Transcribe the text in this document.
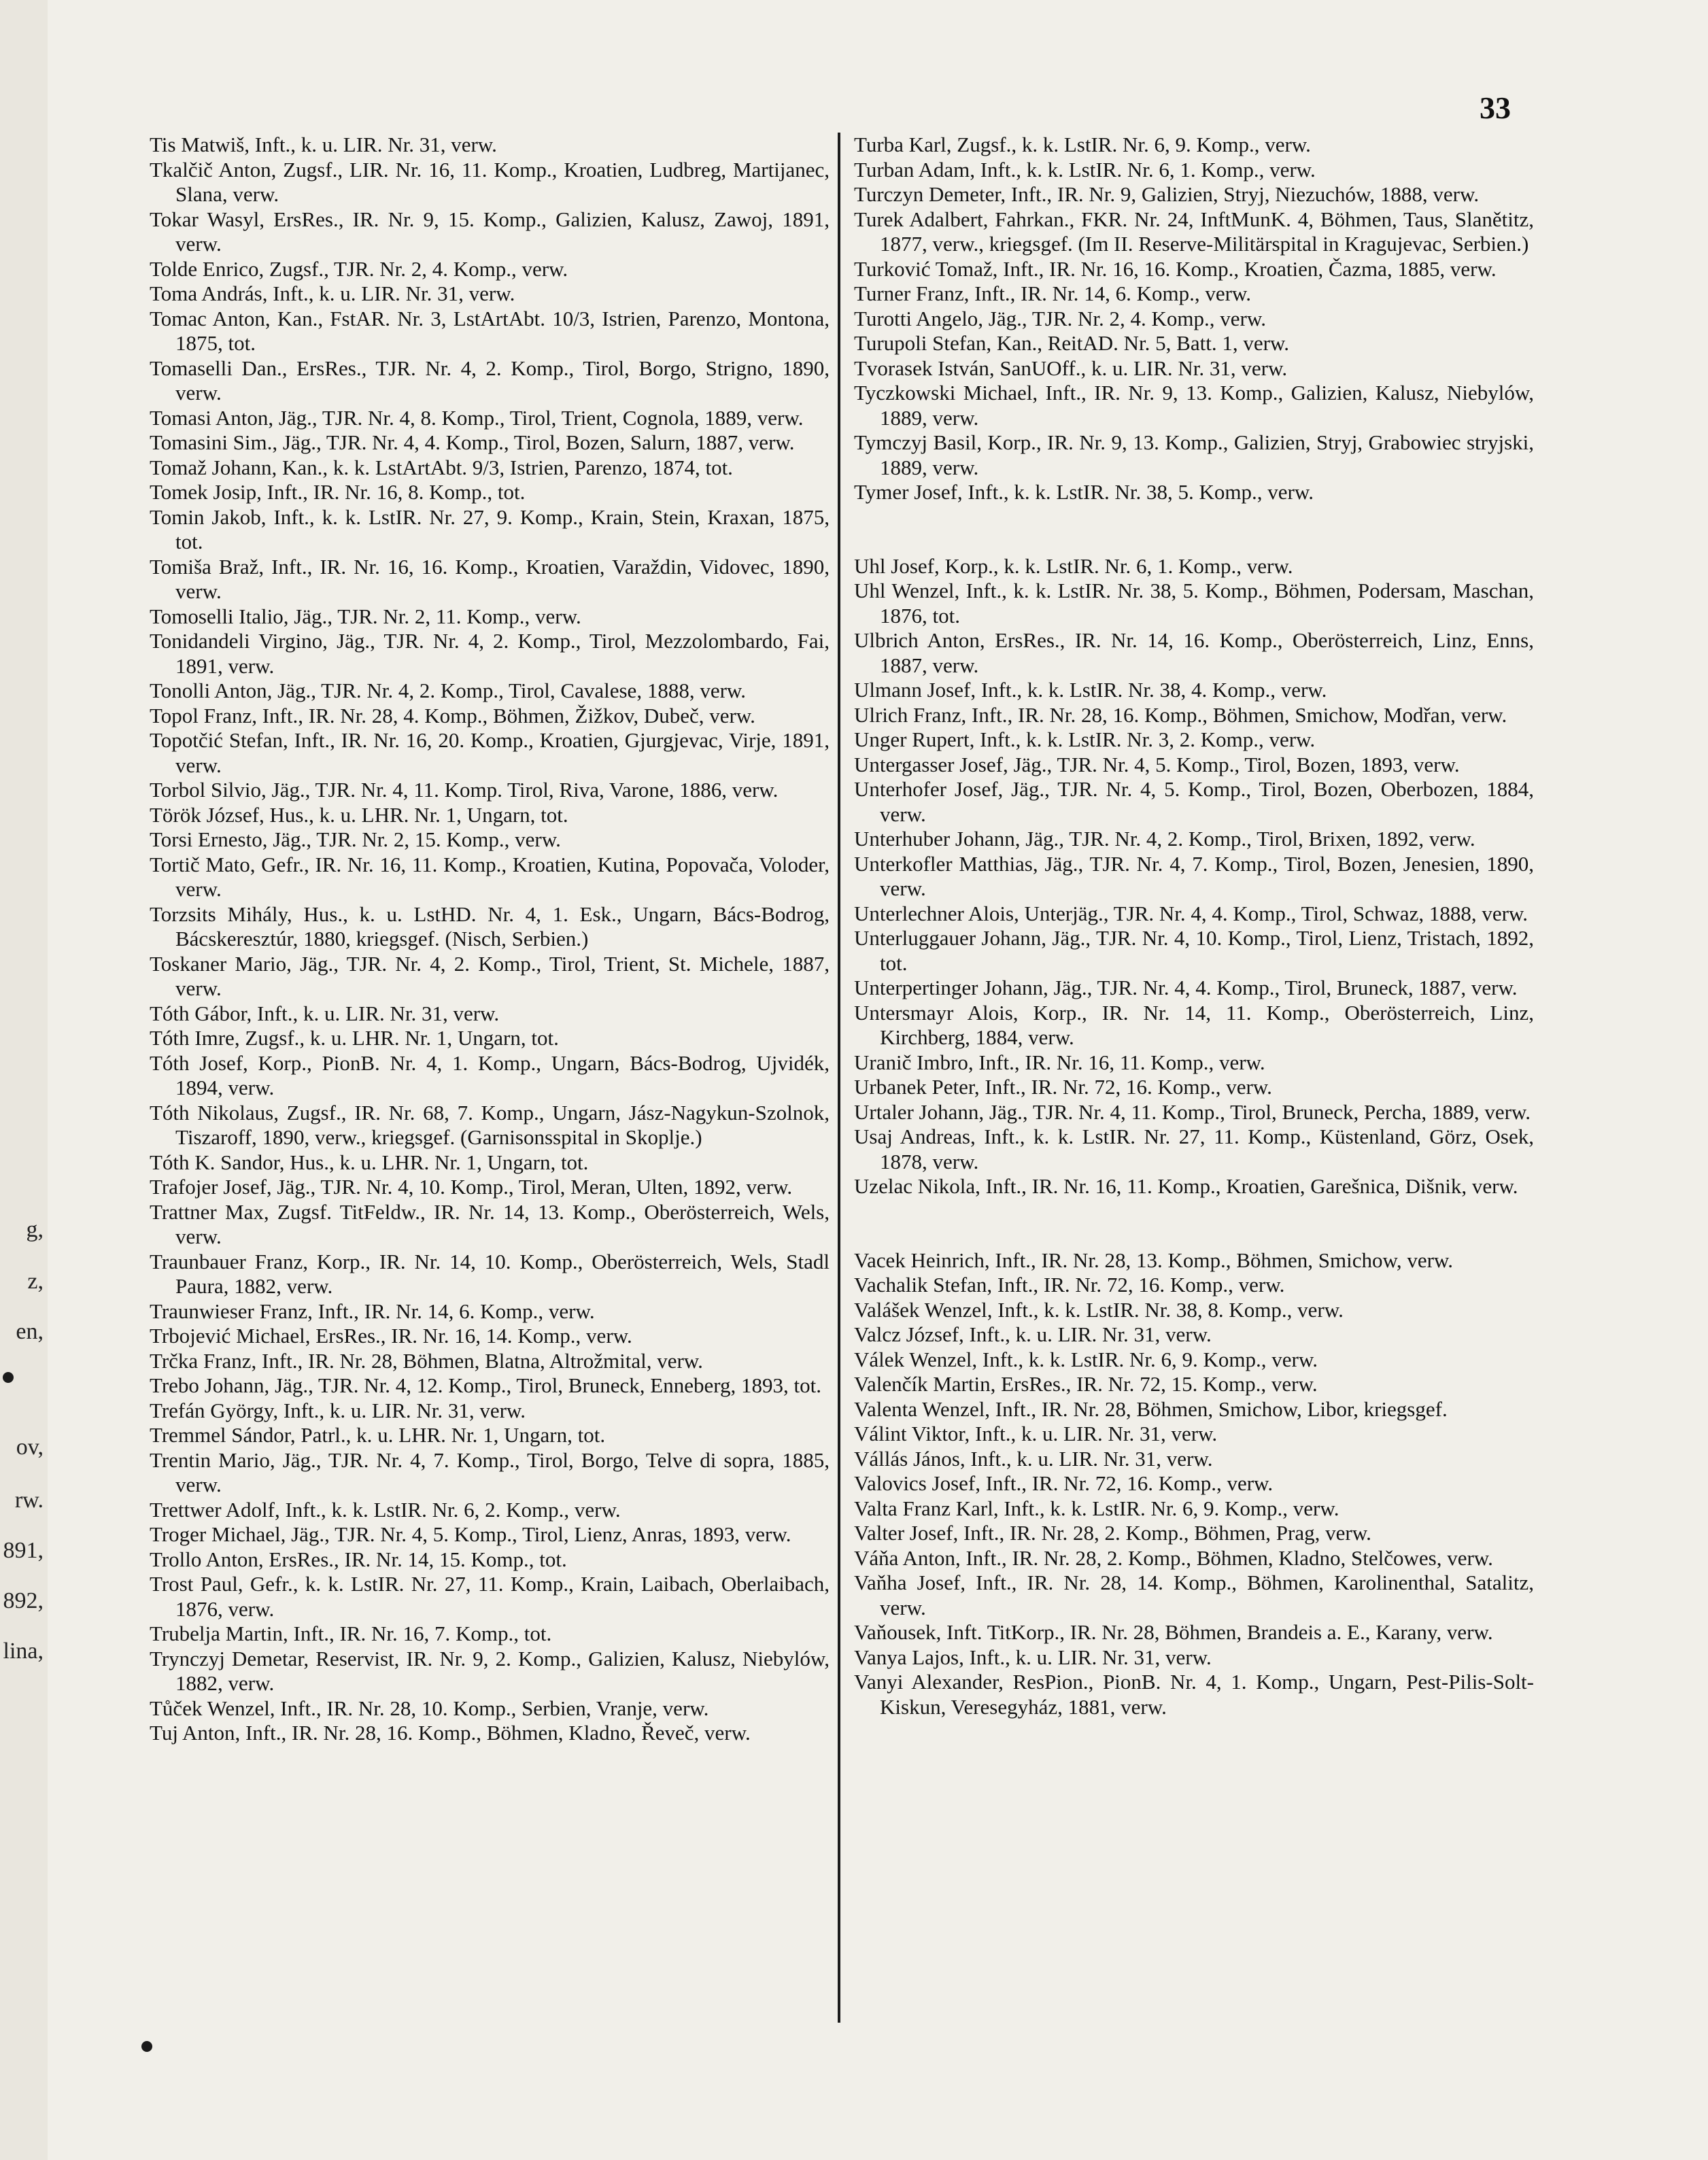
g,
z,
en,
ov,
rw.
891,
892,
lina,
33

Tis Matwiš, Inft., k. u. LIR. Nr. 31, verw.

Tkalčič Anton, Zugsf., LIR. Nr. 16, 11. Komp., Kroatien, Ludbreg, Martijanec, Slana, verw.

Tokar Wasyl, ErsRes., IR. Nr. 9, 15. Komp., Galizien, Kalusz, Zawoj, 1891, verw.

Tolde Enrico, Zugsf., TJR. Nr. 2, 4. Komp., verw.

Toma András, Inft., k. u. LIR. Nr. 31, verw.

Tomac Anton, Kan., FstAR. Nr. 3, LstArtAbt. 10/3, Istrien, Parenzo, Montona, 1875, tot.

Tomaselli Dan., ErsRes., TJR. Nr. 4, 2. Komp., Tirol, Borgo, Strigno, 1890, verw.

Tomasi Anton, Jäg., TJR. Nr. 4, 8. Komp., Tirol, Trient, Cognola, 1889, verw.

Tomasini Sim., Jäg., TJR. Nr. 4, 4. Komp., Tirol, Bozen, Salurn, 1887, verw.

Tomaž Johann, Kan., k. k. LstArtAbt. 9/3, Istrien, Parenzo, 1874, tot.

Tomek Josip, Inft., IR. Nr. 16, 8. Komp., tot.

Tomin Jakob, Inft., k. k. LstIR. Nr. 27, 9. Komp., Krain, Stein, Kraxan, 1875, tot.

Tomiša Braž, Inft., IR. Nr. 16, 16. Komp., Kroatien, Varaždin, Vidovec, 1890, verw.

Tomoselli Italio, Jäg., TJR. Nr. 2, 11. Komp., verw.

Tonidandeli Virgino, Jäg., TJR. Nr. 4, 2. Komp., Tirol, Mezzolombardo, Fai, 1891, verw.

Tonolli Anton, Jäg., TJR. Nr. 4, 2. Komp., Tirol, Cavalese, 1888, verw.

Topol Franz, Inft., IR. Nr. 28, 4. Komp., Böhmen, Žižkov, Dubeč, verw.

Topotčić Stefan, Inft., IR. Nr. 16, 20. Komp., Kroatien, Gjurgjevac, Virje, 1891, verw.

Torbol Silvio, Jäg., TJR. Nr. 4, 11. Komp. Tirol, Riva, Varone, 1886, verw.

Török József, Hus., k. u. LHR. Nr. 1, Ungarn, tot.

Torsi Ernesto, Jäg., TJR. Nr. 2, 15. Komp., verw.

Tortič Mato, Gefr., IR. Nr. 16, 11. Komp., Kroatien, Kutina, Popovača, Voloder, verw.

Torzsits Mihály, Hus., k. u. LstHD. Nr. 4, 1. Esk., Ungarn, Bács-Bodrog, Bácskeresztúr, 1880, kriegsgef. (Nisch, Serbien.)

Toskaner Mario, Jäg., TJR. Nr. 4, 2. Komp., Tirol, Trient, St. Michele, 1887, verw.

Tóth Gábor, Inft., k. u. LIR. Nr. 31, verw.

Tóth Imre, Zugsf., k. u. LHR. Nr. 1, Ungarn, tot.

Tóth Josef, Korp., PionB. Nr. 4, 1. Komp., Ungarn, Bács-Bodrog, Ujvidék, 1894, verw.

Tóth Nikolaus, Zugsf., IR. Nr. 68, 7. Komp., Ungarn, Jász-Nagykun-Szolnok, Tiszaroff, 1890, verw., kriegsgef. (Garnisonsspital in Skoplje.)

Tóth K. Sandor, Hus., k. u. LHR. Nr. 1, Ungarn, tot.

Trafojer Josef, Jäg., TJR. Nr. 4, 10. Komp., Tirol, Meran, Ulten, 1892, verw.

Trattner Max, Zugsf. TitFeldw., IR. Nr. 14, 13. Komp., Oberösterreich, Wels, verw.

Traunbauer Franz, Korp., IR. Nr. 14, 10. Komp., Oberösterreich, Wels, Stadl Paura, 1882, verw.

Traunwieser Franz, Inft., IR. Nr. 14, 6. Komp., verw.

Trbojević Michael, ErsRes., IR. Nr. 16, 14. Komp., verw.

Trčka Franz, Inft., IR. Nr. 28, Böhmen, Blatna, Altrožmital, verw.

Trebo Johann, Jäg., TJR. Nr. 4, 12. Komp., Tirol, Bruneck, Enneberg, 1893, tot.

Trefán György, Inft., k. u. LIR. Nr. 31, verw.

Tremmel Sándor, Patrl., k. u. LHR. Nr. 1, Ungarn, tot.

Trentin Mario, Jäg., TJR. Nr. 4, 7. Komp., Tirol, Borgo, Telve di sopra, 1885, verw.

Trettwer Adolf, Inft., k. k. LstIR. Nr. 6, 2. Komp., verw.

Troger Michael, Jäg., TJR. Nr. 4, 5. Komp., Tirol, Lienz, Anras, 1893, verw.

Trollo Anton, ErsRes., IR. Nr. 14, 15. Komp., tot.

Trost Paul, Gefr., k. k. LstIR. Nr. 27, 11. Komp., Krain, Laibach, Oberlaibach, 1876, verw.

Trubelja Martin, Inft., IR. Nr. 16, 7. Komp., tot.

Trynczyj Demetar, Reservist, IR. Nr. 9, 2. Komp., Galizien, Kalusz, Niebylów, 1882, verw.

Tůček Wenzel, Inft., IR. Nr. 28, 10. Komp., Serbien, Vranje, verw.

Tuj Anton, Inft., IR. Nr. 28, 16. Komp., Böhmen, Kladno, Řeveč, verw.

Turba Karl, Zugsf., k. k. LstIR. Nr. 6, 9. Komp., verw.

Turban Adam, Inft., k. k. LstIR. Nr. 6, 1. Komp., verw.

Turczyn Demeter, Inft., IR. Nr. 9, Galizien, Stryj, Niezuchów, 1888, verw.

Turek Adalbert, Fahrkan., FKR. Nr. 24, InftMunK. 4, Böhmen, Taus, Slanětitz, 1877, verw., kriegsgef. (Im II. Reserve-Militärspital in Kragujevac, Serbien.)

Turković Tomaž, Inft., IR. Nr. 16, 16. Komp., Kroatien, Čazma, 1885, verw.

Turner Franz, Inft., IR. Nr. 14, 6. Komp., verw.

Turotti Angelo, Jäg., TJR. Nr. 2, 4. Komp., verw.

Turupoli Stefan, Kan., ReitAD. Nr. 5, Batt. 1, verw.

Tvorasek István, SanUOff., k. u. LIR. Nr. 31, verw.

Tyczkowski Michael, Inft., IR. Nr. 9, 13. Komp., Galizien, Kalusz, Niebylów, 1889, verw.

Tymczyj Basil, Korp., IR. Nr. 9, 13. Komp., Galizien, Stryj, Grabowiec stryjski, 1889, verw.

Tymer Josef, Inft., k. k. LstIR. Nr. 38, 5. Komp., verw.

Uhl Josef, Korp., k. k. LstIR. Nr. 6, 1. Komp., verw.

Uhl Wenzel, Inft., k. k. LstIR. Nr. 38, 5. Komp., Böhmen, Podersam, Maschan, 1876, tot.

Ulbrich Anton, ErsRes., IR. Nr. 14, 16. Komp., Oberösterreich, Linz, Enns, 1887, verw.

Ulmann Josef, Inft., k. k. LstIR. Nr. 38, 4. Komp., verw.

Ulrich Franz, Inft., IR. Nr. 28, 16. Komp., Böhmen, Smichow, Modřan, verw.

Unger Rupert, Inft., k. k. LstIR. Nr. 3, 2. Komp., verw.

Untergasser Josef, Jäg., TJR. Nr. 4, 5. Komp., Tirol, Bozen, 1893, verw.

Unterhofer Josef, Jäg., TJR. Nr. 4, 5. Komp., Tirol, Bozen, Oberbozen, 1884, verw.

Unterhuber Johann, Jäg., TJR. Nr. 4, 2. Komp., Tirol, Brixen, 1892, verw.

Unterkofler Matthias, Jäg., TJR. Nr. 4, 7. Komp., Tirol, Bozen, Jenesien, 1890, verw.

Unterlechner Alois, Unterjäg., TJR. Nr. 4, 4. Komp., Tirol, Schwaz, 1888, verw.

Unterluggauer Johann, Jäg., TJR. Nr. 4, 10. Komp., Tirol, Lienz, Tristach, 1892, tot.

Unterpertinger Johann, Jäg., TJR. Nr. 4, 4. Komp., Tirol, Bruneck, 1887, verw.

Untersmayr Alois, Korp., IR. Nr. 14, 11. Komp., Oberösterreich, Linz, Kirchberg, 1884, verw.

Uranič Imbro, Inft., IR. Nr. 16, 11. Komp., verw.

Urbanek Peter, Inft., IR. Nr. 72, 16. Komp., verw.

Urtaler Johann, Jäg., TJR. Nr. 4, 11. Komp., Tirol, Bruneck, Percha, 1889, verw.

Usaj Andreas, Inft., k. k. LstIR. Nr. 27, 11. Komp., Küstenland, Görz, Osek, 1878, verw.

Uzelac Nikola, Inft., IR. Nr. 16, 11. Komp., Kroatien, Garešnica, Dišnik, verw.

Vacek Heinrich, Inft., IR. Nr. 28, 13. Komp., Böhmen, Smichow, verw.

Vachalik Stefan, Inft., IR. Nr. 72, 16. Komp., verw.

Valášek Wenzel, Inft., k. k. LstIR. Nr. 38, 8. Komp., verw.

Valcz József, Inft., k. u. LIR. Nr. 31, verw.

Válek Wenzel, Inft., k. k. LstIR. Nr. 6, 9. Komp., verw.

Valenčík Martin, ErsRes., IR. Nr. 72, 15. Komp., verw.

Valenta Wenzel, Inft., IR. Nr. 28, Böhmen, Smichow, Libor, kriegsgef.

Válint Viktor, Inft., k. u. LIR. Nr. 31, verw.

Vállás János, Inft., k. u. LIR. Nr. 31, verw.

Valovics Josef, Inft., IR. Nr. 72, 16. Komp., verw.

Valta Franz Karl, Inft., k. k. LstIR. Nr. 6, 9. Komp., verw.

Valter Josef, Inft., IR. Nr. 28, 2. Komp., Böhmen, Prag, verw.

Váňa Anton, Inft., IR. Nr. 28, 2. Komp., Böhmen, Kladno, Stelčowes, verw.

Vaňha Josef, Inft., IR. Nr. 28, 14. Komp., Böhmen, Karolinenthal, Satalitz, verw.

Vaňousek, Inft. TitKorp., IR. Nr. 28, Böhmen, Brandeis a. E., Karany, verw.

Vanya Lajos, Inft., k. u. LIR. Nr. 31, verw.

Vanyi Alexander, ResPion., PionB. Nr. 4, 1. Komp., Ungarn, Pest-Pilis-Solt-Kiskun, Veresegyház, 1881, verw.
